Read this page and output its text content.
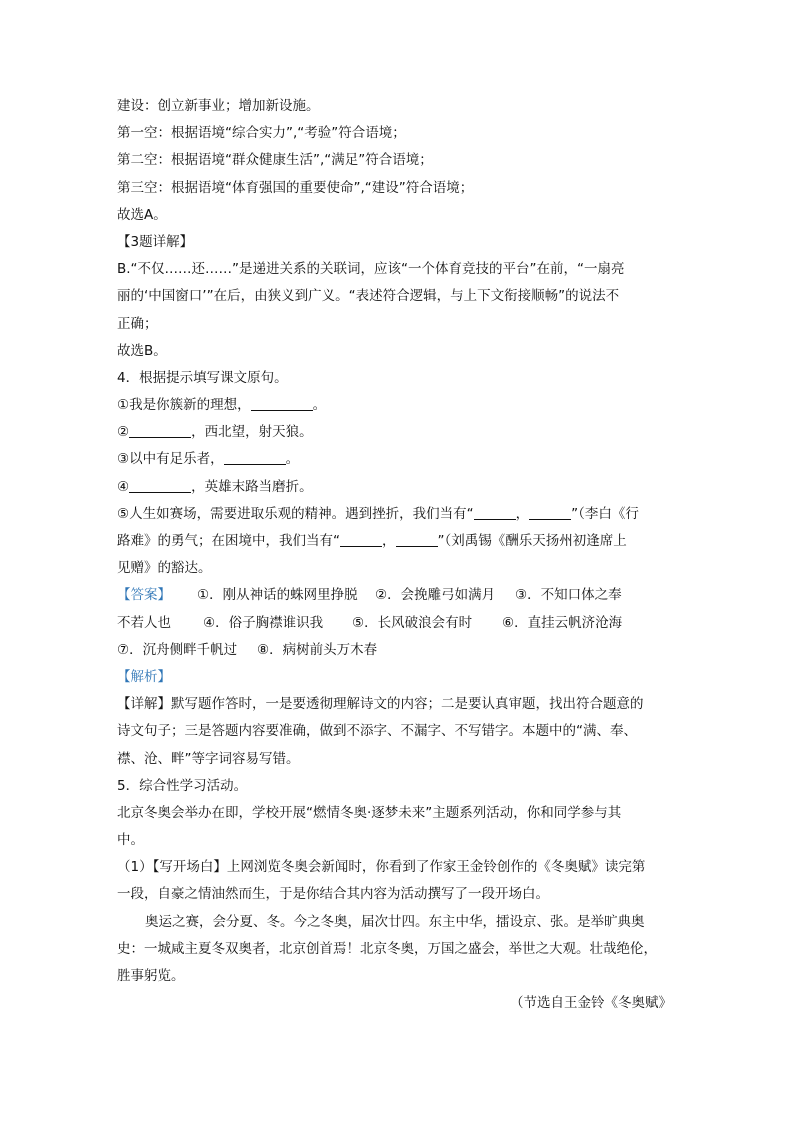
建设：创立新事业；增加新设施。
第一空：根据语境“综合实力”,“考验”符合语境；
第二空：根据语境“群众健康生活”,“满足”符合语境；
第三空：根据语境“体育强国的重要使命”,“建设”符合语境；
故选A。
【3题详解】
B.“不仅……还……”是递进关系的关联词，应该“一个体育竞技的平台”在前，“一扇亮
丽的‘中国窗口’”在后，由狭义到广义。“表述符合逻辑，与上下文衔接顺畅”的说法不
正确；
故选B。
4．根据提示填写课文原句。
①我是你簇新的理想，	。
②	，西北望，射天狼。
③以中有足乐者，	。
④	，英雄末路当磨折。
⑤人生如赛场，需要进取乐观的精神。遇到挫折，我们当有“	，	”（李白《行
路难》的勇气；在困境中，我们当有“	，	”（刘禹锡《酬乐天扬州初逢席上
见赠》的豁达。
【答案】 ①．刚从神话的蛛网里挣脱 ②．会挽雕弓如满月 ③．不知口体之奉
不若人也 ④．俗子胸襟谁识我 ⑤．长风破浪会有时 ⑥．直挂云帆济沧海
⑦．沉舟侧畔千帆过 ⑧．病树前头万木春
【解析】
【详解】默写题作答时，一是要透彻理解诗文的内容；二是要认真审题，找出符合题意的
诗文句子；三是答题内容要准确，做到不添字、不漏字、不写错字。本题中的“满、奉、
襟、沧、畔”等字词容易写错。
5．综合性学习活动。
北京冬奥会举办在即，学校开展“燃情冬奥·逐梦未来”主题系列活动，你和同学参与其
中。
（1）【写开场白】上网浏览冬奥会新闻时，你看到了作家王金铃创作的《冬奥赋》读完第
一段，自豪之情油然而生，于是你结合其内容为活动撰写了一段开场白。
奥运之赛，会分夏、冬。今之冬奥，届次廿四。东主中华，擂设京、张。是举旷典奥
史：一城咸主夏冬双奥者，北京创首焉！北京冬奥，万国之盛会，举世之大观。壮哉绝伦，
胜事躬览。
（节选自王金铃《冬奥赋》
